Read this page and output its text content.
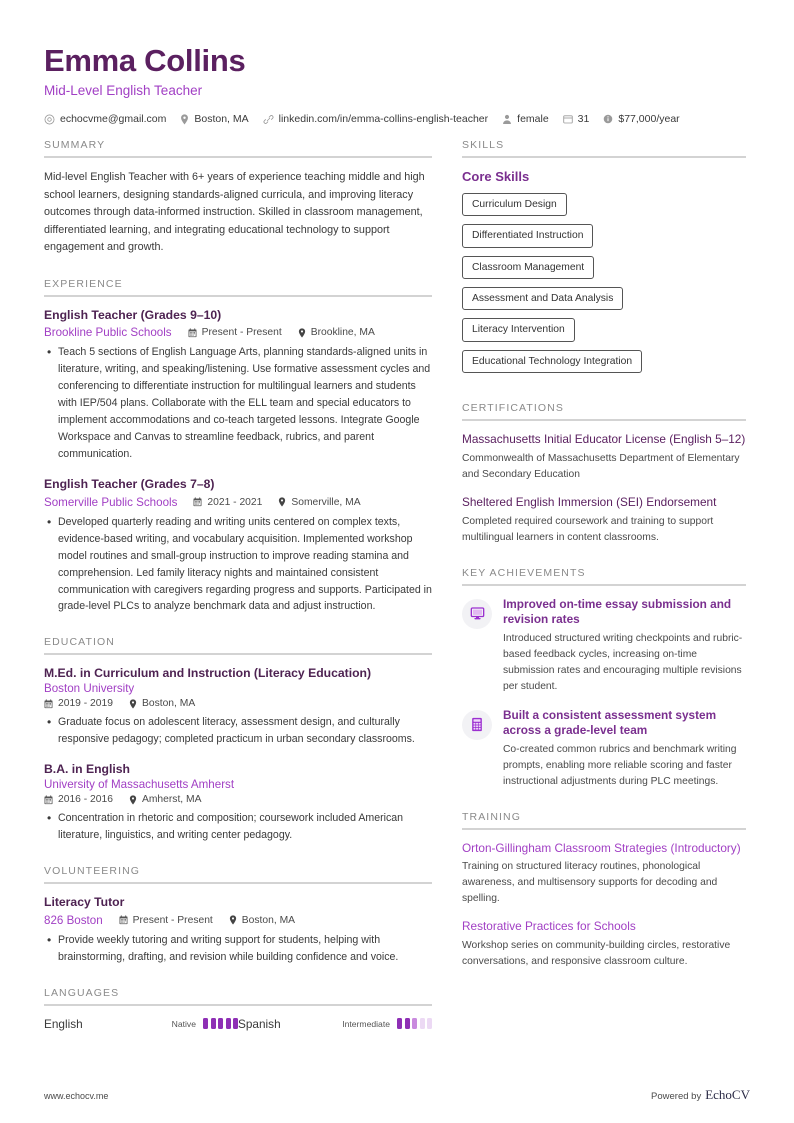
Emma Collins
Mid-Level English Teacher
echocvme@gmail.com	Boston, MA	linkedin.com/in/emma-collins-english-teacher	female	31	$77,000/year
SUMMARY
Mid-level English Teacher with 6+ years of experience teaching middle and high school learners, designing standards-aligned curricula, and improving literacy outcomes through data-informed instruction. Skilled in classroom management, differentiated learning, and integrating educational technology to support engagement and growth.
EXPERIENCE
English Teacher (Grades 9–10)
Brookline Public Schools	Present - Present	Brookline, MA
• Teach 5 sections of English Language Arts, planning standards-aligned units in literature, writing, and speaking/listening. Use formative assessment cycles and conferencing to differentiate instruction for multilingual learners and students with IEP/504 plans. Collaborate with the ELL team and special educators to implement accommodations and co-teach targeted lessons. Integrate Google Workspace and Canvas to streamline feedback, rubrics, and parent communication.
English Teacher (Grades 7–8)
Somerville Public Schools	2021 - 2021	Somerville, MA
• Developed quarterly reading and writing units centered on complex texts, evidence-based writing, and vocabulary acquisition. Implemented workshop model routines and small-group instruction to improve reading stamina and comprehension. Led family literacy nights and maintained consistent communication with caregivers regarding progress and supports. Participated in grade-level PLCs to analyze benchmark data and adjust instruction.
EDUCATION
M.Ed. in Curriculum and Instruction (Literacy Education)
Boston University
2019 - 2019	Boston, MA
• Graduate focus on adolescent literacy, assessment design, and culturally responsive pedagogy; completed practicum in urban secondary classrooms.
B.A. in English
University of Massachusetts Amherst
2016 - 2016	Amherst, MA
• Concentration in rhetoric and composition; coursework included American literature, linguistics, and writing center pedagogy.
VOLUNTEERING
Literacy Tutor
826 Boston	Present - Present	Boston, MA
• Provide weekly tutoring and writing support for students, helping with brainstorming, drafting, and revision while building confidence and voice.
LANGUAGES
English	Native	Spanish	Intermediate
SKILLS
Core Skills
Curriculum Design
Differentiated Instruction
Classroom Management
Assessment and Data Analysis
Literacy Intervention
Educational Technology Integration
CERTIFICATIONS
Massachusetts Initial Educator License (English 5–12)
Commonwealth of Massachusetts Department of Elementary and Secondary Education
Sheltered English Immersion (SEI) Endorsement
Completed required coursework and training to support multilingual learners in content classrooms.
KEY ACHIEVEMENTS
Improved on-time essay submission and revision rates
Introduced structured writing checkpoints and rubric-based feedback cycles, increasing on-time submission rates and encouraging multiple revisions per student.
Built a consistent assessment system across a grade-level team
Co-created common rubrics and benchmark writing prompts, enabling more reliable scoring and faster instructional adjustments during PLC meetings.
TRAINING
Orton-Gillingham Classroom Strategies (Introductory)
Training on structured literacy routines, phonological awareness, and multisensory supports for decoding and spelling.
Restorative Practices for Schools
Workshop series on community-building circles, restorative conversations, and responsive classroom culture.
www.echocv.me	Powered by EchoCV
